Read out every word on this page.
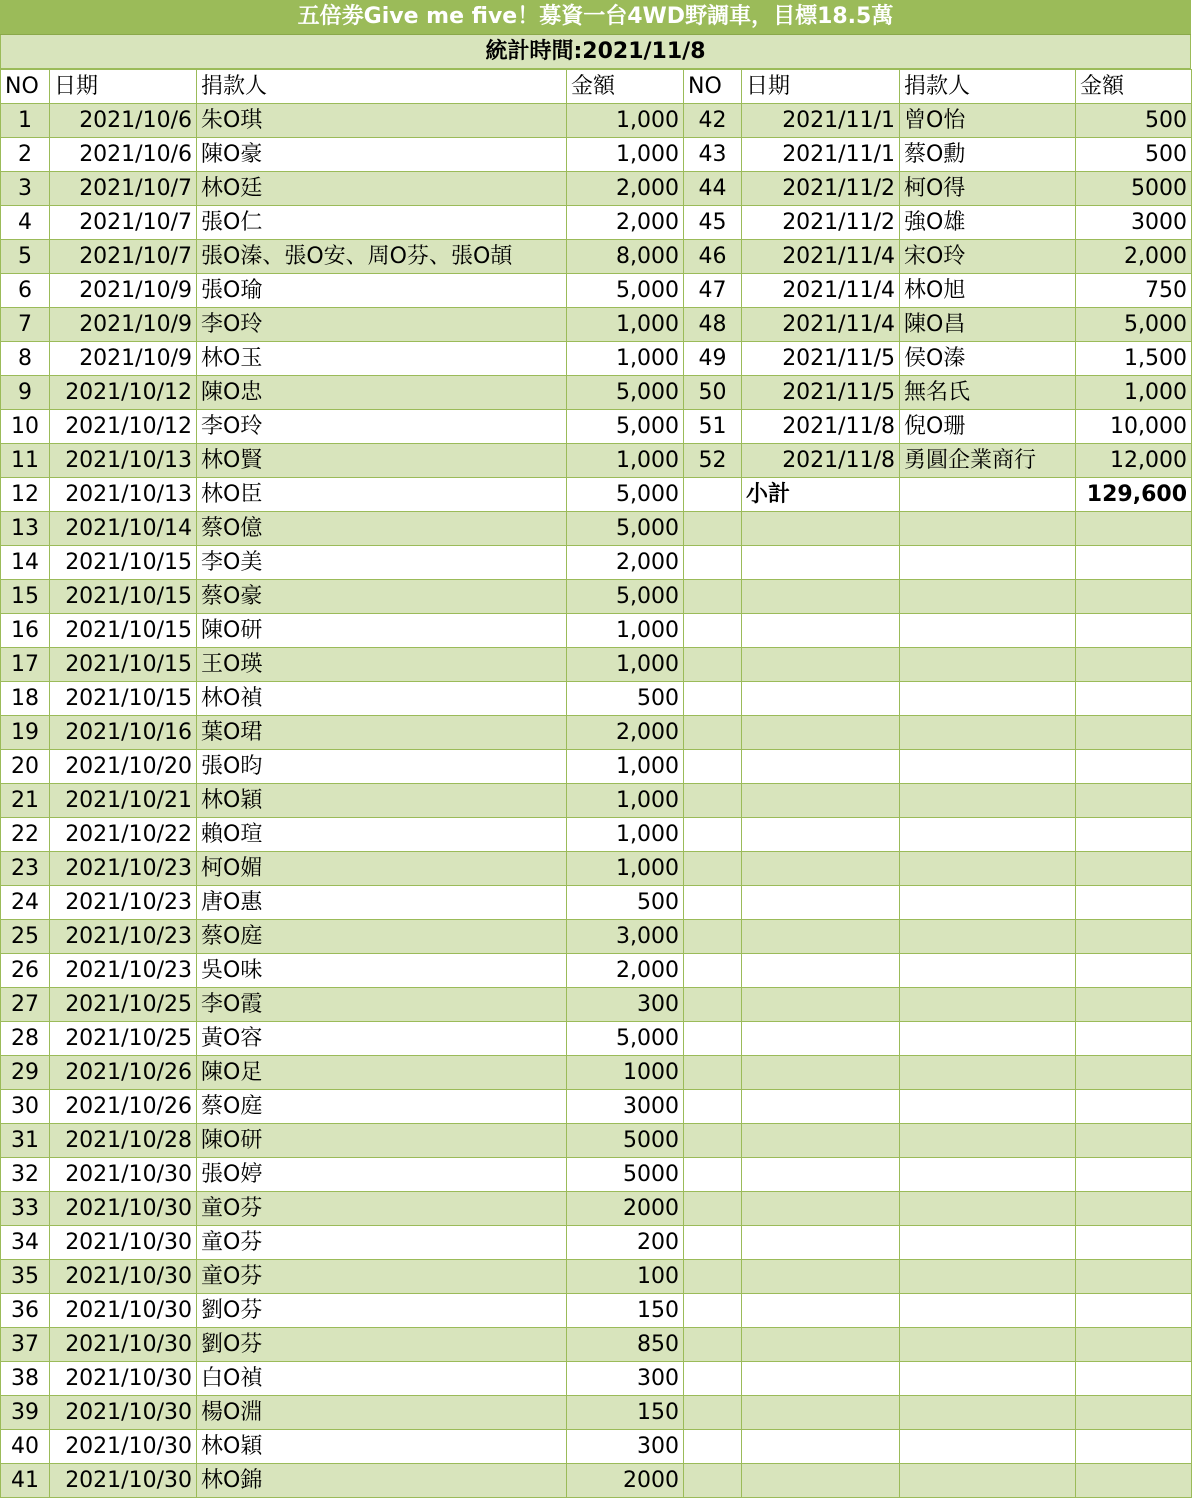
五倍劵Give me five！募資一台4WD野調車，目標18.5萬
統計時間:2021/11/8
NO	日期	捐款人	金額	NO	日期	捐款人	金額
1	2021/10/6	朱O琪	1,000	42	2021/11/1	曾O怡	500
2	2021/10/6	陳O豪	1,000	43	2021/11/1	蔡O勳	500
3	2021/10/7	林O廷	2,000	44	2021/11/2	柯O得	5000
4	2021/10/7	張O仁	2,000	45	2021/11/2	強O雄	3000
5	2021/10/7	張O溱、張O安、周O芬、張O頡	8,000	46	2021/11/4	宋O玲	2,000
6	2021/10/9	張O瑜	5,000	47	2021/11/4	林O旭	750
7	2021/10/9	李O玲	1,000	48	2021/11/4	陳O昌	5,000
8	2021/10/9	林O玉	1,000	49	2021/11/5	侯O溱	1,500
9	2021/10/12	陳O忠	5,000	50	2021/11/5	無名氏	1,000
10	2021/10/12	李O玲	5,000	51	2021/11/8	倪O珊	10,000
11	2021/10/13	林O賢	1,000	52	2021/11/8	勇圓企業商行	12,000
12	2021/10/13	林O臣	5,000		小計		129,600
13	2021/10/14	蔡O億	5,000				
14	2021/10/15	李O美	2,000				
15	2021/10/15	蔡O豪	5,000				
16	2021/10/15	陳O研	1,000				
17	2021/10/15	王O瑛	1,000				
18	2021/10/15	林O禎	500				
19	2021/10/16	葉O珺	2,000				
20	2021/10/20	張O昀	1,000				
21	2021/10/21	林O穎	1,000				
22	2021/10/22	賴O瑄	1,000				
23	2021/10/23	柯O媚	1,000				
24	2021/10/23	唐O惠	500				
25	2021/10/23	蔡O庭	3,000				
26	2021/10/23	吳O味	2,000				
27	2021/10/25	李O霞	300				
28	2021/10/25	黃O容	5,000				
29	2021/10/26	陳O足	1000				
30	2021/10/26	蔡O庭	3000				
31	2021/10/28	陳O研	5000				
32	2021/10/30	張O婷	5000				
33	2021/10/30	童O芬	2000				
34	2021/10/30	童O芬	200				
35	2021/10/30	童O芬	100				
36	2021/10/30	劉O芬	150				
37	2021/10/30	劉O芬	850				
38	2021/10/30	白O禎	300				
39	2021/10/30	楊O淵	150				
40	2021/10/30	林O穎	300				
41	2021/10/30	林O錦	2000				
